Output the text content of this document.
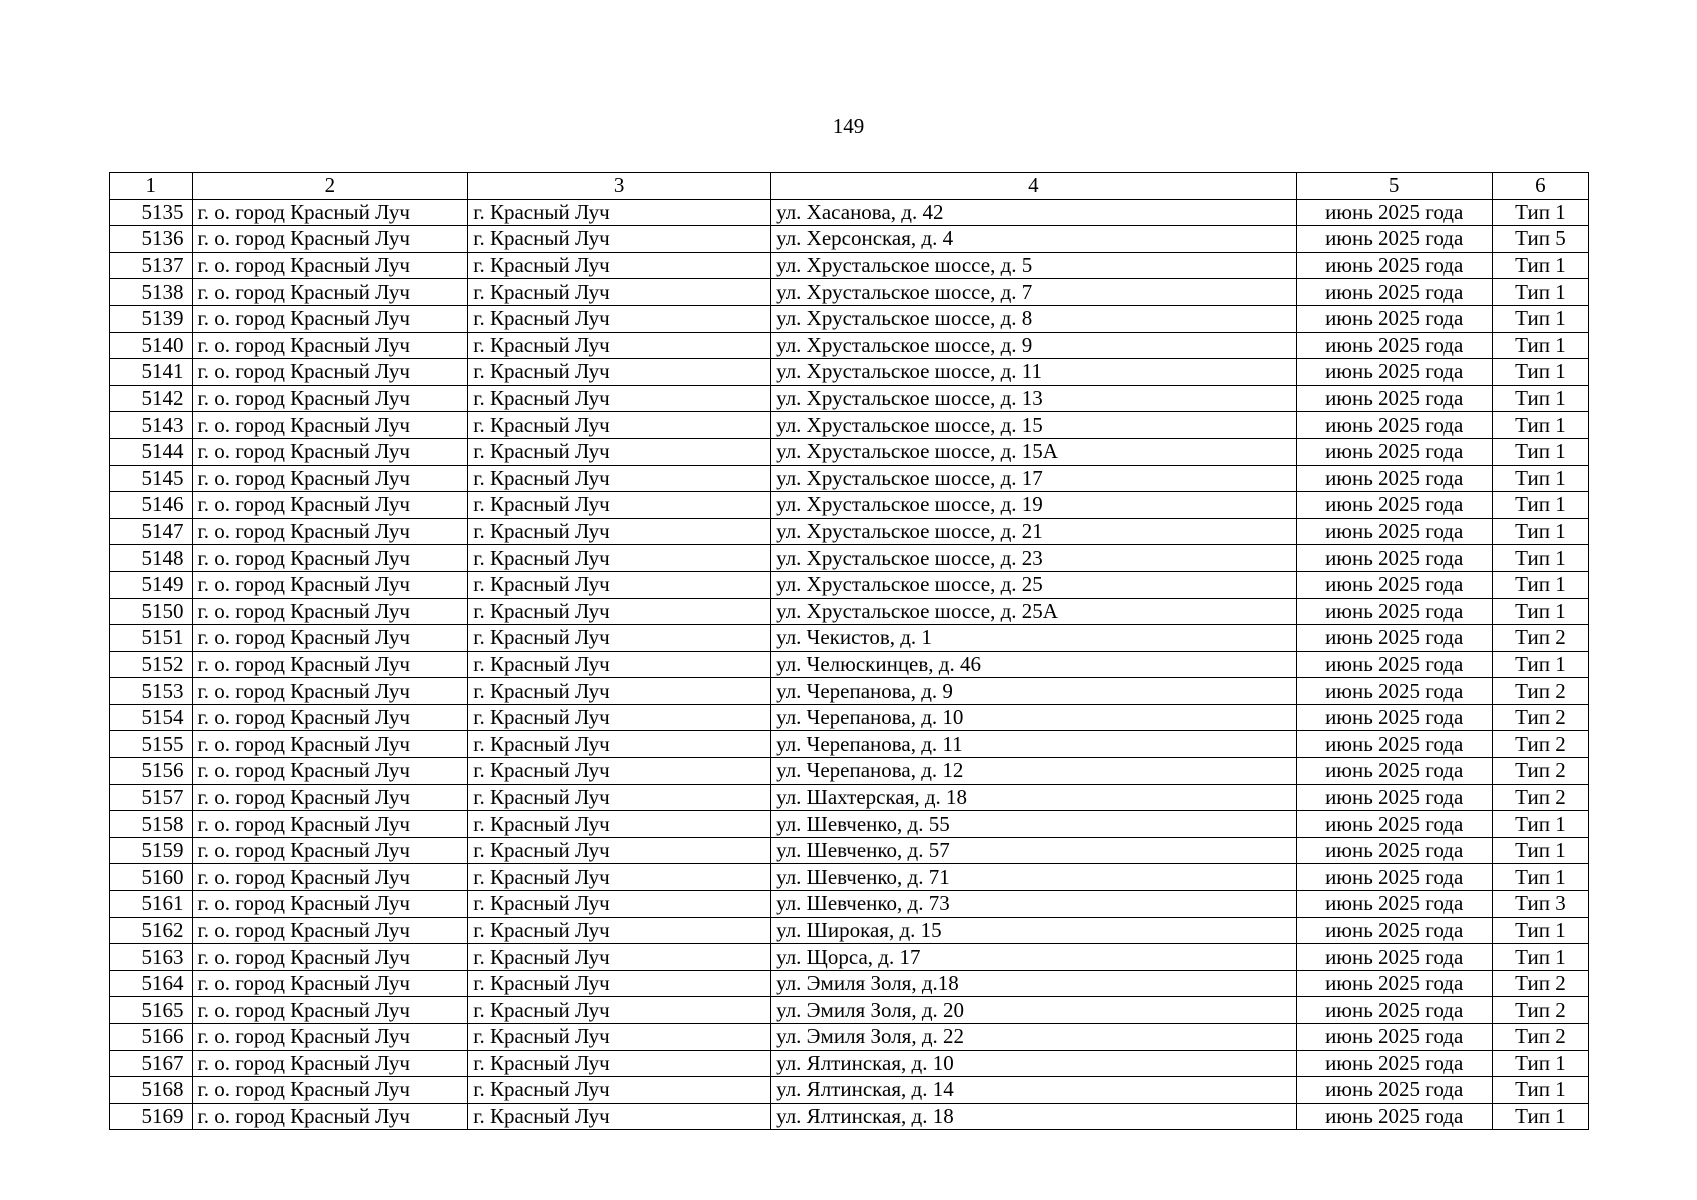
149
1	2	3	4	5	6
5135	г. о. город Красный Луч	г. Красный Луч	ул. Хасанова, д. 42	июнь 2025 года	Тип 1
5136	г. о. город Красный Луч	г. Красный Луч	ул. Херсонская, д. 4	июнь 2025 года	Тип 5
5137	г. о. город Красный Луч	г. Красный Луч	ул. Хрустальское шоссе, д. 5	июнь 2025 года	Тип 1
5138	г. о. город Красный Луч	г. Красный Луч	ул. Хрустальское шоссе, д. 7	июнь 2025 года	Тип 1
5139	г. о. город Красный Луч	г. Красный Луч	ул. Хрустальское шоссе, д. 8	июнь 2025 года	Тип 1
5140	г. о. город Красный Луч	г. Красный Луч	ул. Хрустальское шоссе, д. 9	июнь 2025 года	Тип 1
5141	г. о. город Красный Луч	г. Красный Луч	ул. Хрустальское шоссе, д. 11	июнь 2025 года	Тип 1
5142	г. о. город Красный Луч	г. Красный Луч	ул. Хрустальское шоссе, д. 13	июнь 2025 года	Тип 1
5143	г. о. город Красный Луч	г. Красный Луч	ул. Хрустальское шоссе, д. 15	июнь 2025 года	Тип 1
5144	г. о. город Красный Луч	г. Красный Луч	ул. Хрустальское шоссе, д. 15А	июнь 2025 года	Тип 1
5145	г. о. город Красный Луч	г. Красный Луч	ул. Хрустальское шоссе, д. 17	июнь 2025 года	Тип 1
5146	г. о. город Красный Луч	г. Красный Луч	ул. Хрустальское шоссе, д. 19	июнь 2025 года	Тип 1
5147	г. о. город Красный Луч	г. Красный Луч	ул. Хрустальское шоссе, д. 21	июнь 2025 года	Тип 1
5148	г. о. город Красный Луч	г. Красный Луч	ул. Хрустальское шоссе, д. 23	июнь 2025 года	Тип 1
5149	г. о. город Красный Луч	г. Красный Луч	ул. Хрустальское шоссе, д. 25	июнь 2025 года	Тип 1
5150	г. о. город Красный Луч	г. Красный Луч	ул. Хрустальское шоссе, д. 25А	июнь 2025 года	Тип 1
5151	г. о. город Красный Луч	г. Красный Луч	ул. Чекистов, д. 1	июнь 2025 года	Тип 2
5152	г. о. город Красный Луч	г. Красный Луч	ул. Челюскинцев, д. 46	июнь 2025 года	Тип 1
5153	г. о. город Красный Луч	г. Красный Луч	ул. Черепанова, д. 9	июнь 2025 года	Тип 2
5154	г. о. город Красный Луч	г. Красный Луч	ул. Черепанова, д. 10	июнь 2025 года	Тип 2
5155	г. о. город Красный Луч	г. Красный Луч	ул. Черепанова, д. 11	июнь 2025 года	Тип 2
5156	г. о. город Красный Луч	г. Красный Луч	ул. Черепанова, д. 12	июнь 2025 года	Тип 2
5157	г. о. город Красный Луч	г. Красный Луч	ул. Шахтерская, д. 18	июнь 2025 года	Тип 2
5158	г. о. город Красный Луч	г. Красный Луч	ул. Шевченко, д. 55	июнь 2025 года	Тип 1
5159	г. о. город Красный Луч	г. Красный Луч	ул. Шевченко, д. 57	июнь 2025 года	Тип 1
5160	г. о. город Красный Луч	г. Красный Луч	ул. Шевченко, д. 71	июнь 2025 года	Тип 1
5161	г. о. город Красный Луч	г. Красный Луч	ул. Шевченко, д. 73	июнь 2025 года	Тип 3
5162	г. о. город Красный Луч	г. Красный Луч	ул. Широкая, д. 15	июнь 2025 года	Тип 1
5163	г. о. город Красный Луч	г. Красный Луч	ул. Щорса, д. 17	июнь 2025 года	Тип 1
5164	г. о. город Красный Луч	г. Красный Луч	ул. Эмиля Золя, д.18	июнь 2025 года	Тип 2
5165	г. о. город Красный Луч	г. Красный Луч	ул. Эмиля Золя, д. 20	июнь 2025 года	Тип 2
5166	г. о. город Красный Луч	г. Красный Луч	ул. Эмиля Золя, д. 22	июнь 2025 года	Тип 2
5167	г. о. город Красный Луч	г. Красный Луч	ул. Ялтинская, д. 10	июнь 2025 года	Тип 1
5168	г. о. город Красный Луч	г. Красный Луч	ул. Ялтинская, д. 14	июнь 2025 года	Тип 1
5169	г. о. город Красный Луч	г. Красный Луч	ул. Ялтинская, д. 18	июнь 2025 года	Тип 1
